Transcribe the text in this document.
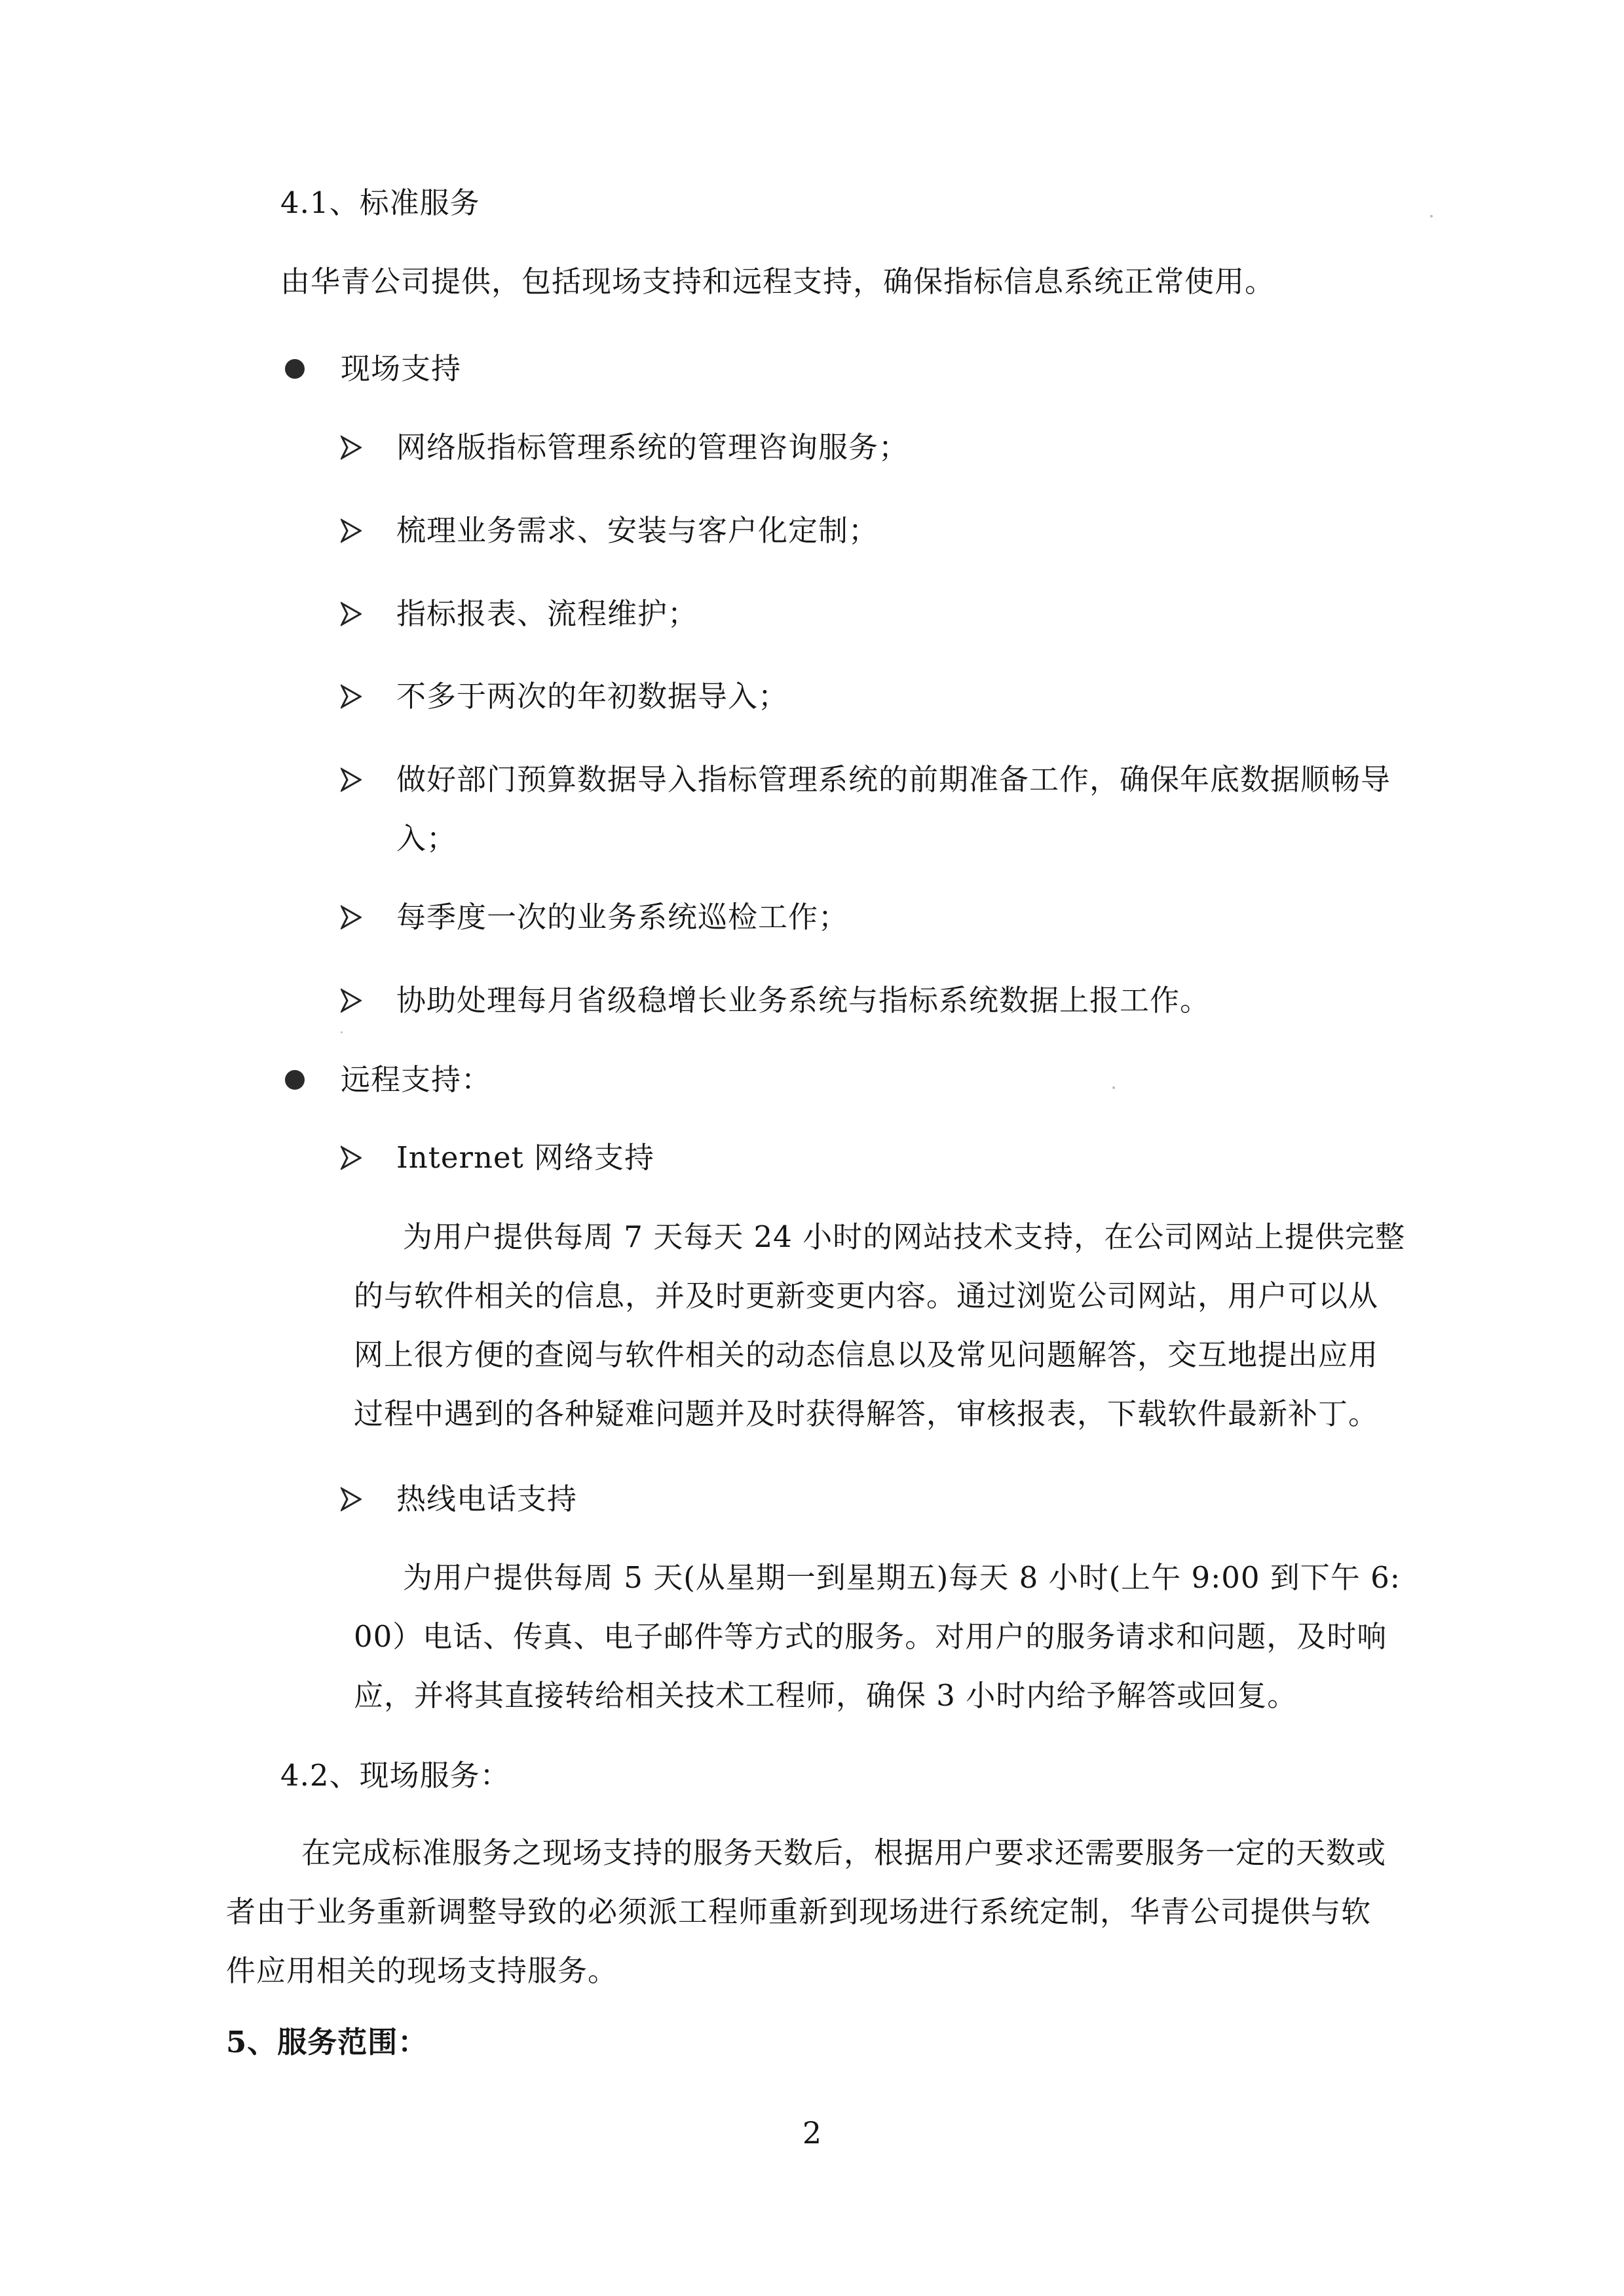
4.1、标准服务
由华青公司提供，包括现场支持和远程支持，确保指标信息系统正常使用。
现场支持
网络版指标管理系统的管理咨询服务；
梳理业务需求、安装与客户化定制；
指标报表、流程维护；
不多于两次的年初数据导入；
做好部门预算数据导入指标管理系统的前期准备工作，确保年底数据顺畅导
入；
每季度一次的业务系统巡检工作；
协助处理每月省级稳增长业务系统与指标系统数据上报工作。
远程支持：
Internet 网络支持
为用户提供每周 7 天每天 24 小时的网站技术支持，在公司网站上提供完整
的与软件相关的信息，并及时更新变更内容。通过浏览公司网站，用户可以从
网上很方便的查阅与软件相关的动态信息以及常见问题解答，交互地提出应用
过程中遇到的各种疑难问题并及时获得解答，审核报表，下载软件最新补丁。
热线电话支持
为用户提供每周 5 天(从星期一到星期五)每天 8 小时(上午 9:00 到下午 6:
00）电话、传真、电子邮件等方式的服务。对用户的服务请求和问题，及时响
应，并将其直接转给相关技术工程师，确保 3 小时内给予解答或回复。
4.2、现场服务：
在完成标准服务之现场支持的服务天数后，根据用户要求还需要服务一定的天数或
者由于业务重新调整导致的必须派工程师重新到现场进行系统定制，华青公司提供与软
件应用相关的现场支持服务。
5、服务范围：
2
